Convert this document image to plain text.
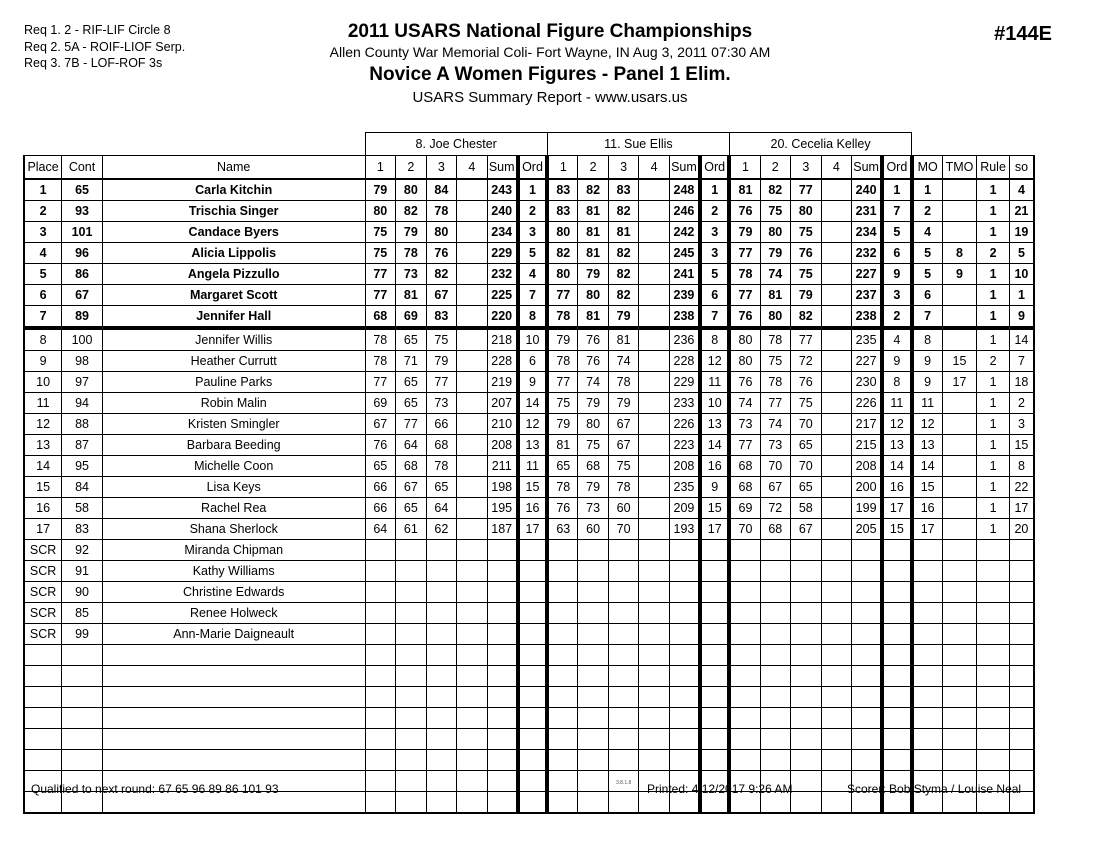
Req 1. 2 - RIF-LIF Circle 8
Req 2. 5A - ROIF-LIOF Serp.
Req 3. 7B - LOF-ROF 3s
2011 USARS National Figure Championships
Allen County War Memorial Coli- Fort Wayne, IN Aug 3, 2011 07:30 AM
Novice A Women Figures - Panel 1 Elim.
USARS Summary Report - www.usars.us
#144E
			8. Joe Chester						11. Sue Ellis						20. Cecelia Kelley									
Place	Cont	Name	1	2	3	4	Sum	Ord	1	2	3	4	Sum	Ord	1	2	3	4	Sum	Ord	MO	TMO	Rule	so
1	65	Carla Kitchin	79	80	84		243	1	83	82	83		248	1	81	82	77		240	1	1		1	4
2	93	Trischia Singer	80	82	78		240	2	83	81	82		246	2	76	75	80		231	7	2		1	21
3	101	Candace Byers	75	79	80		234	3	80	81	81		242	3	79	80	75		234	5	4		1	19
4	96	Alicia Lippolis	75	78	76		229	5	82	81	82		245	3	77	79	76		232	6	5	8	2	5
5	86	Angela Pizzullo	77	73	82		232	4	80	79	82		241	5	78	74	75		227	9	5	9	1	10
6	67	Margaret Scott	77	81	67		225	7	77	80	82		239	6	77	81	79		237	3	6		1	1
7	89	Jennifer Hall	68	69	83		220	8	78	81	79		238	7	76	80	82		238	2	7		1	9
8	100	Jennifer Willis	78	65	75		218	10	79	76	81		236	8	80	78	77		235	4	8		1	14
9	98	Heather Currutt	78	71	79		228	6	78	76	74		228	12	80	75	72		227	9	9	15	2	7
10	97	Pauline Parks	77	65	77		219	9	77	74	78		229	11	76	78	76		230	8	9	17	1	18
11	94	Robin Malin	69	65	73		207	14	75	79	79		233	10	74	77	75		226	11	11		1	2
12	88	Kristen Smingler	67	77	66		210	12	79	80	67		226	13	73	74	70		217	12	12		1	3
13	87	Barbara Beeding	76	64	68		208	13	81	75	67		223	14	77	73	65		215	13	13		1	15
14	95	Michelle Coon	65	68	78		211	11	65	68	75		208	16	68	70	70		208	14	14		1	8
15	84	Lisa Keys	66	67	65		198	15	78	79	78		235	9	68	67	65		200	16	15		1	22
16	58	Rachel Rea	66	65	64		195	16	76	73	60		209	15	69	72	58		199	17	16		1	17
17	83	Shana Sherlock	64	61	62		187	17	63	60	70		193	17	70	68	67		205	15	17		1	20
SCR	92	Miranda Chipman																						
SCR	91	Kathy Williams																						
SCR	90	Christine Edwards																						
SCR	85	Renee Holweck																						
SCR	99	Ann-Marie Daigneault																						

Qualified to next round: 67 65 96 89 86 101 93	3.8.1.8 Printed: 4/12/2017 9:26 AM	Scorer: Bob Styma / Louise Neal
